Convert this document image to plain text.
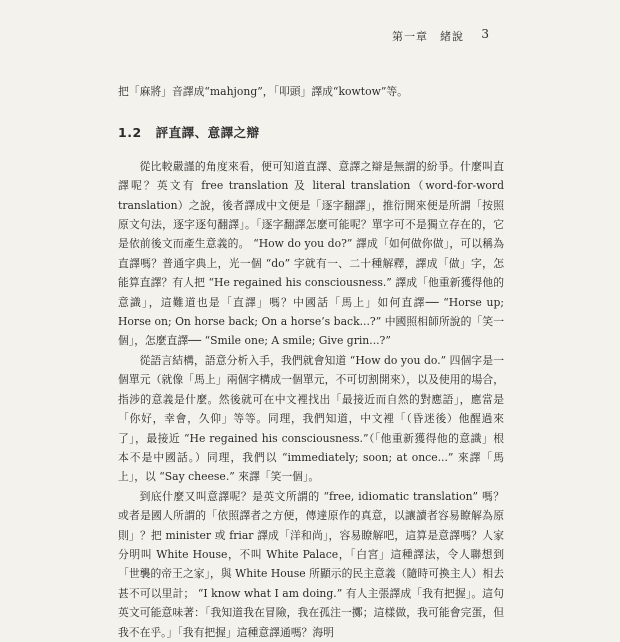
第一章　緒說 3

把「麻將」音譯成“mahjong”，「叩頭」譯成“kowtow”等。

1.2 評直譯、意譯之辯

從比較嚴謹的角度來看，便可知道直譯、意譯之辯是無謂的紛爭。什麼叫直譯呢？英文有 free translation 及 literal translation（word-for-word translation）之說，後者譯成中文便是「逐字翻譯」，推衍開來便是所謂「按照原文句法，逐字逐句翻譯」。「逐字翻譯怎麼可能呢？單字可不是獨立存在的，它是依前後文而產生意義的。 “How do you do?” 譯成「如何做你做」，可以稱為直譯嗎？普通字典上，光一個 “do” 字就有一、二十種解釋，譯成「做」字，怎能算直譯？有人把 “He regained his consciousness.” 譯成「他重新獲得他的意識」，這難道也是「直譯」嗎？中國話「馬上」如何直譯── “Horse up; Horse on; On horse back; On a horse’s back...?” 中國照相師所說的「笑一個」，怎麼直譯── “Smile one; A smile; Give grin...?”

從語言結構，語意分析入手，我們就會知道 “How do you do.” 四個字是一個單元（就像「馬上」兩個字構成一個單元，不可切割開來），以及使用的場合，指涉的意義是什麼。然後就可在中文裡找出「最接近而自然的對應語」，應當是「你好，幸會，久仰」等等。同理，我們知道，中文裡「（昏迷後）他醒過來了」，最接近 “He regained his consciousness.”（「他重新獲得他的意識」根本不是中國話。）同理，我們以 “immediately; soon; at once...” 來譯「馬上」，以 “Say cheese.” 來譯「笑一個」。

到底什麼又叫意譯呢？是英文所謂的 “free, idiomatic translation” 嗎？或者是國人所謂的「依照譯者之方便，傳達原作的真意，以讓讀者容易瞭解為原則」？把 minister 或 friar 譯成「洋和尚」，容易瞭解吧，這算是意譯嗎？人家分明叫 White House，不叫 White Palace，「白宮」這種譯法，令人聯想到「世襲的帝王之家」，與 White House 所顯示的民主意義（隨時可換主人）相去甚不可以里計； “I know what I am doing.” 有人主張譯成「我有把握」。這句英文可能意味著：「我知道我在冒險，我在孤注一擲；這樣做，我可能會完蛋，但我不在乎。」「我有把握」這種意譯通嗎？海明
